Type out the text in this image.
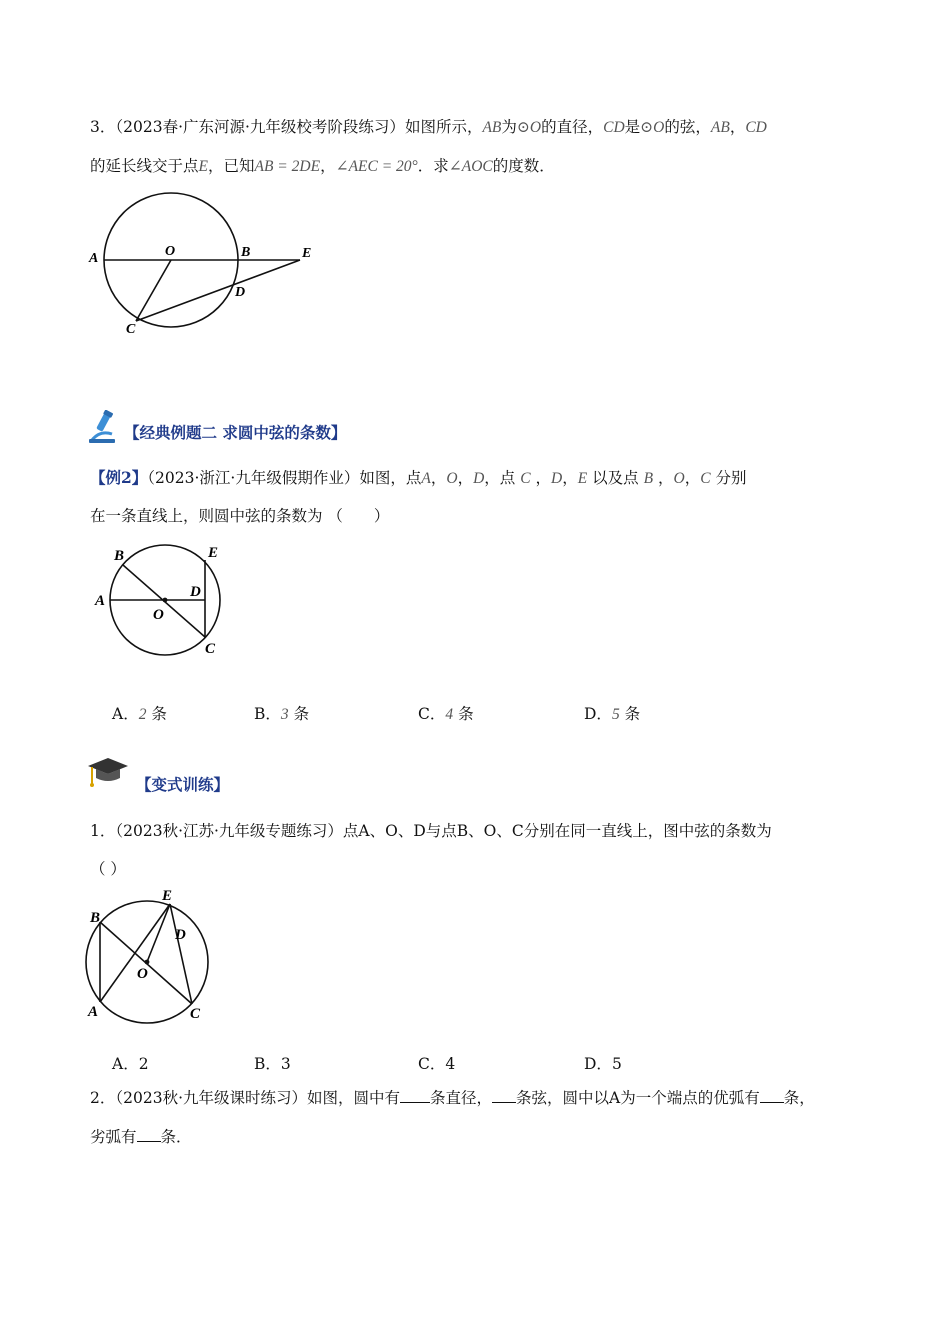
3．（2023春·广东河源·九年级校考阶段练习）如图所示，AB为⊙O的直径，CD是⊙O的弦，AB，CD
的延长线交于点E，已知AB = 2DE，∠AEC = 20°．求∠AOC的度数．
A	O	B	E
D
C
【经典例题二 求圆中弦的条数】
【例2】（2023·浙江·九年级假期作业）如图，点A，O，D，点 C ，D，E 以及点 B ，O，C 分别
在一条直线上，则圆中弦的条数为 （　　）
A
B	E
D
O
C
A．2 条	B．3 条	C．4 条	D．5 条
【变式训练】
1．（2023秋·江苏·九年级专题练习）点A、O、D与点B、O、C分别在同一直线上，图中弦的条数为
（ ）
B
E
D
O
A	C
A．2	B．3	C．4	D．5
2．（2023秋·九年级课时练习）如图，圆中有 条直径， 条弦，圆中以A为一个端点的优弧有 条，
劣弧有 条．
